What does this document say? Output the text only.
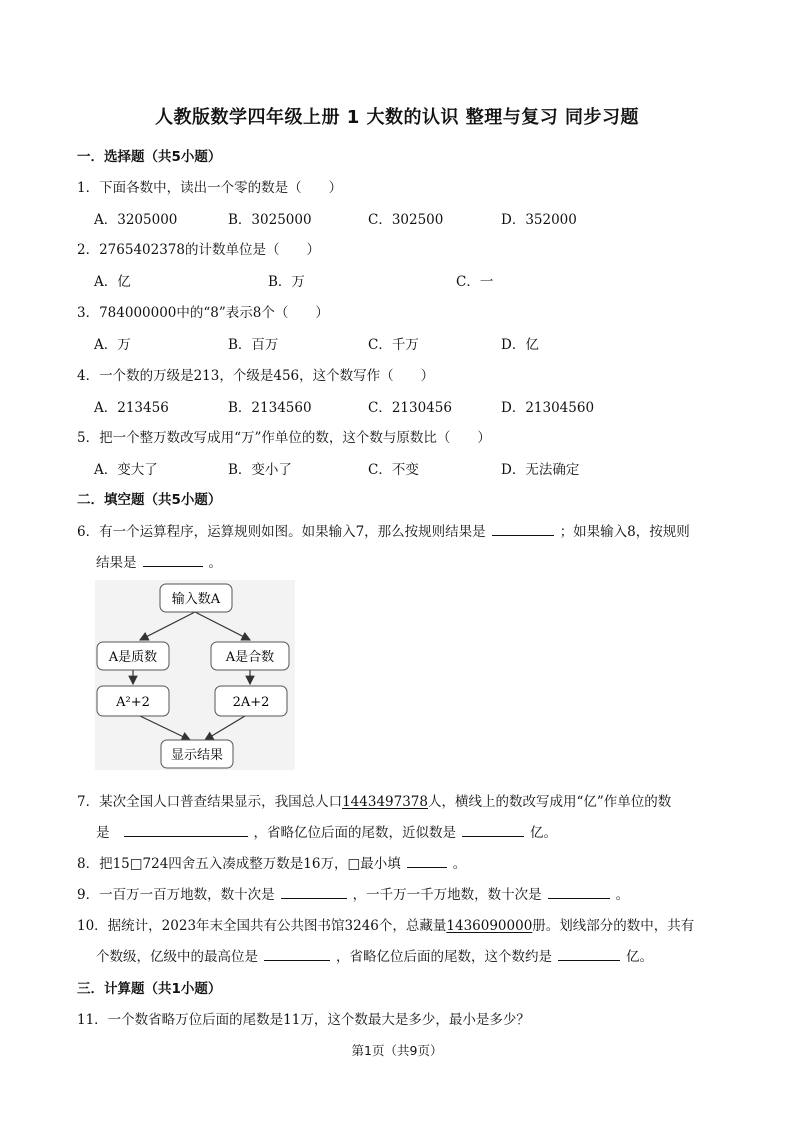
人教版数学四年级上册 1 大数的认识 整理与复习 同步习题
一．选择题（共5小题）
1．下面各数中，读出一个零的数是（　　）
A．3205000	B．3025000	C．302500	D．352000
2．2765402378的计数单位是（　　）
A．亿	B．万	C．一
3．784000000中的“8”表示8个（　　）
A．万	B．百万	C．千万	D．亿
4．一个数的万级是213，个级是456，这个数写作（　　）
A．213456	B．2134560	C．2130456	D．21304560
5．把一个整万数改写成用“万”作单位的数，这个数与原数比（　　）
A．变大了	B．变小了	C．不变	D．无法确定
二．填空题（共5小题）
6．有一个运算程序，运算规则如图。如果输入7，那么按规则结果是	；如果输入8，按规则
结果是	。
输入数A
A是质数	A是合数
A²+2	2A+2
显示结果
7．某次全国人口普查结果显示，我国总人口1443497378人，横线上的数改写成用“亿”作单位的数
是	，省略亿位后面的尾数，近似数是	亿。
8．把15□724四舍五入凑成整万数是16万，□最小填	。
9．一百万一百万地数，数十次是	，一千万一千万地数，数十次是	。
10．据统计，2023年末全国共有公共图书馆3246个，总藏量1436090000册。划线部分的数中，共有
个数级，亿级中的最高位是	，省略亿位后面的尾数，这个数约是	亿。
三．计算题（共1小题）
11．一个数省略万位后面的尾数是11万，这个数最大是多少，最小是多少？
第1页（共9页）
